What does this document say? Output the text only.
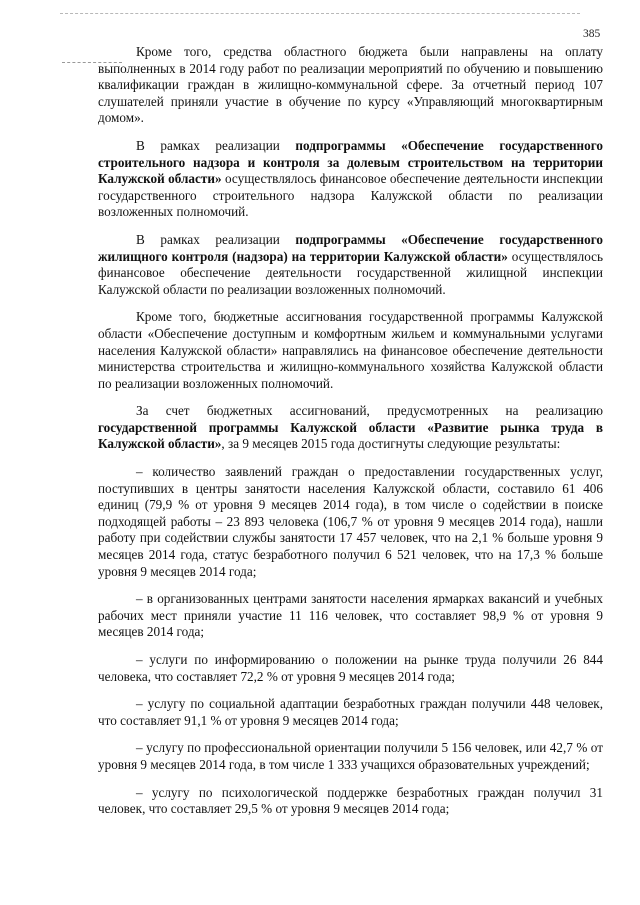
385

Кроме того, средства областного бюджета были направлены на оплату выполненных в 2014 году работ по реализации мероприятий по обучению и повышению квалификации граждан в жилищно-коммунальной сфере. За отчетный период 107 слушателей приняли участие в обучение по курсу «Управляющий многоквартирным домом».

В рамках реализации подпрограммы «Обеспечение государственного строительного надзора и контроля за долевым строительством на территории Калужской области» осуществлялось финансовое обеспечение деятельности инспекции государственного строительного надзора Калужской области по реализации возложенных полномочий.

В рамках реализации подпрограммы «Обеспечение государственного жилищного контроля (надзора) на территории Калужской области» осуществлялось финансовое обеспечение деятельности государственной жилищной инспекции Калужской области по реализации возложенных полномочий.

Кроме того, бюджетные ассигнования государственной программы Калужской области «Обеспечение доступным и комфортным жильем и коммунальными услугами населения Калужской области» направлялись на финансовое обеспечение деятельности министерства строительства и жилищно-коммунального хозяйства Калужской области по реализации возложенных полномочий.

За счет бюджетных ассигнований, предусмотренных на реализацию государственной программы Калужской области «Развитие рынка труда в Калужской области», за 9 месяцев 2015 года достигнуты следующие результаты:

– количество заявлений граждан о предоставлении государственных услуг, поступивших в центры занятости населения Калужской области, составило 61 406 единиц (79,9 % от уровня 9 месяцев 2014 года), в том числе о содействии в поиске подходящей работы – 23 893 человека (106,7 % от уровня 9 месяцев 2014 года), нашли работу при содействии службы занятости 17 457 человек, что на 2,1 % больше уровня 9 месяцев 2014 года, статус безработного получил 6 521 человек, что на 17,3 % больше уровня 9 месяцев 2014 года;

– в организованных центрами занятости населения ярмарках вакансий и учебных рабочих мест приняли участие 11 116 человек, что составляет 98,9 % от уровня 9 месяцев 2014 года;

– услуги по информированию о положении на рынке труда получили 26 844 человека, что составляет 72,2 % от уровня 9 месяцев 2014 года;

– услугу по социальной адаптации безработных граждан получили 448 человек, что составляет 91,1 % от уровня 9 месяцев 2014 года;

– услугу по профессиональной ориентации получили 5 156 человек, или 42,7 % от уровня 9 месяцев 2014 года, в том числе 1 333 учащихся образовательных учреждений;

– услугу по психологической поддержке безработных граждан получил 31 человек, что составляет 29,5 % от уровня 9 месяцев 2014 года;
